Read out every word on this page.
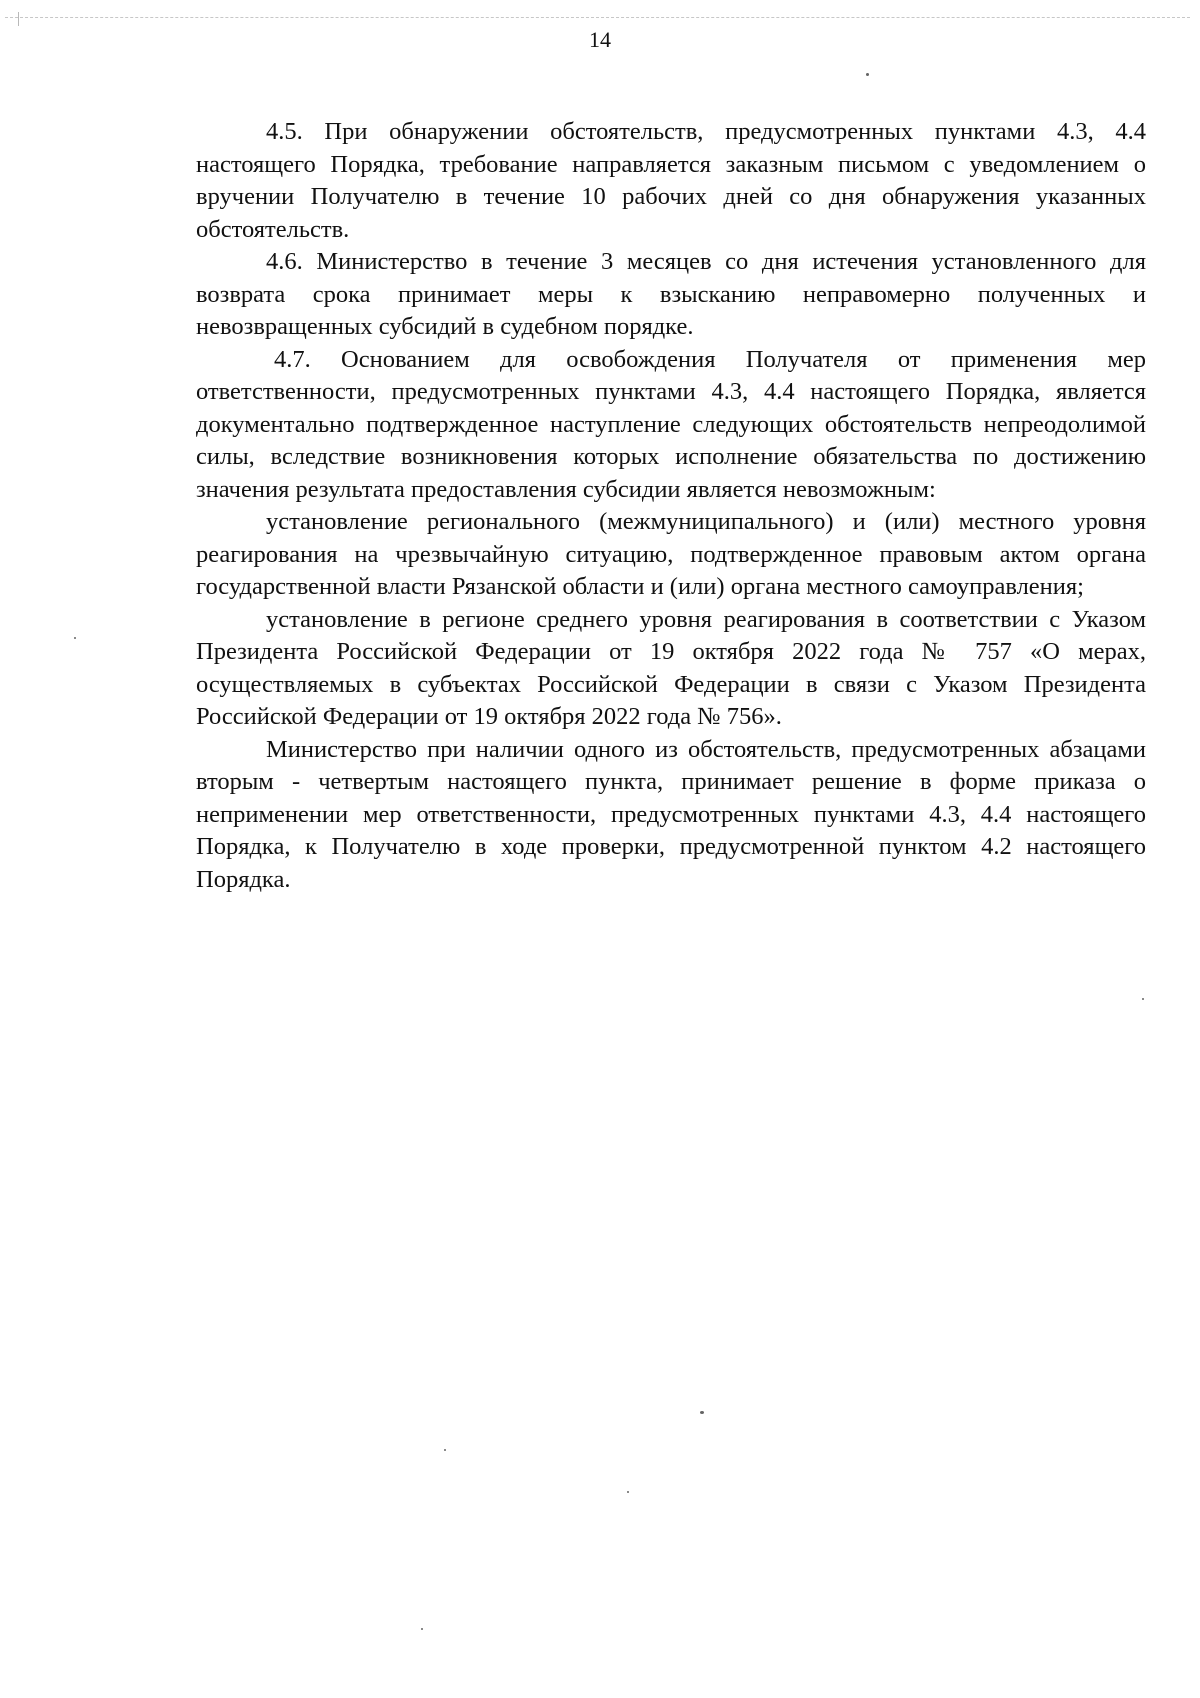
14

4.5. При обнаружении обстоятельств, предусмотренных пунктами 4.3, 4.4 настоящего Порядка, требование направляется заказным письмом с уведомлением о вручении Получателю в течение 10 рабочих дней со дня обнаружения указанных обстоятельств.

4.6. Министерство в течение 3 месяцев со дня истечения установленного для возврата срока принимает меры к взысканию неправомерно полученных и невозвращенных субсидий в судебном порядке.

4.7. Основанием для освобождения Получателя от применения мер ответственности, предусмотренных пунктами 4.3, 4.4 настоящего Порядка, является документально подтвержденное наступление следующих обстоятельств непреодолимой силы, вследствие возникновения которых исполнение обязательства по достижению значения результата предоставления субсидии является невозможным:

установление регионального (межмуниципального) и (или) местного уровня реагирования на чрезвычайную ситуацию, подтвержденное правовым актом органа государственной власти Рязанской области и (или) органа местного самоуправления;

установление в регионе среднего уровня реагирования в соответствии с Указом Президента Российской Федерации от 19 октября 2022 года № 757 «О мерах, осуществляемых в субъектах Российской Федерации в связи с Указом Президента Российской Федерации от 19 октября 2022 года № 756».

Министерство при наличии одного из обстоятельств, предусмотренных абзацами вторым - четвертым настоящего пункта, принимает решение в форме приказа о неприменении мер ответственности, предусмотренных пунктами 4.3, 4.4 настоящего Порядка, к Получателю в ходе проверки, предусмотренной пунктом 4.2 настоящего Порядка.
